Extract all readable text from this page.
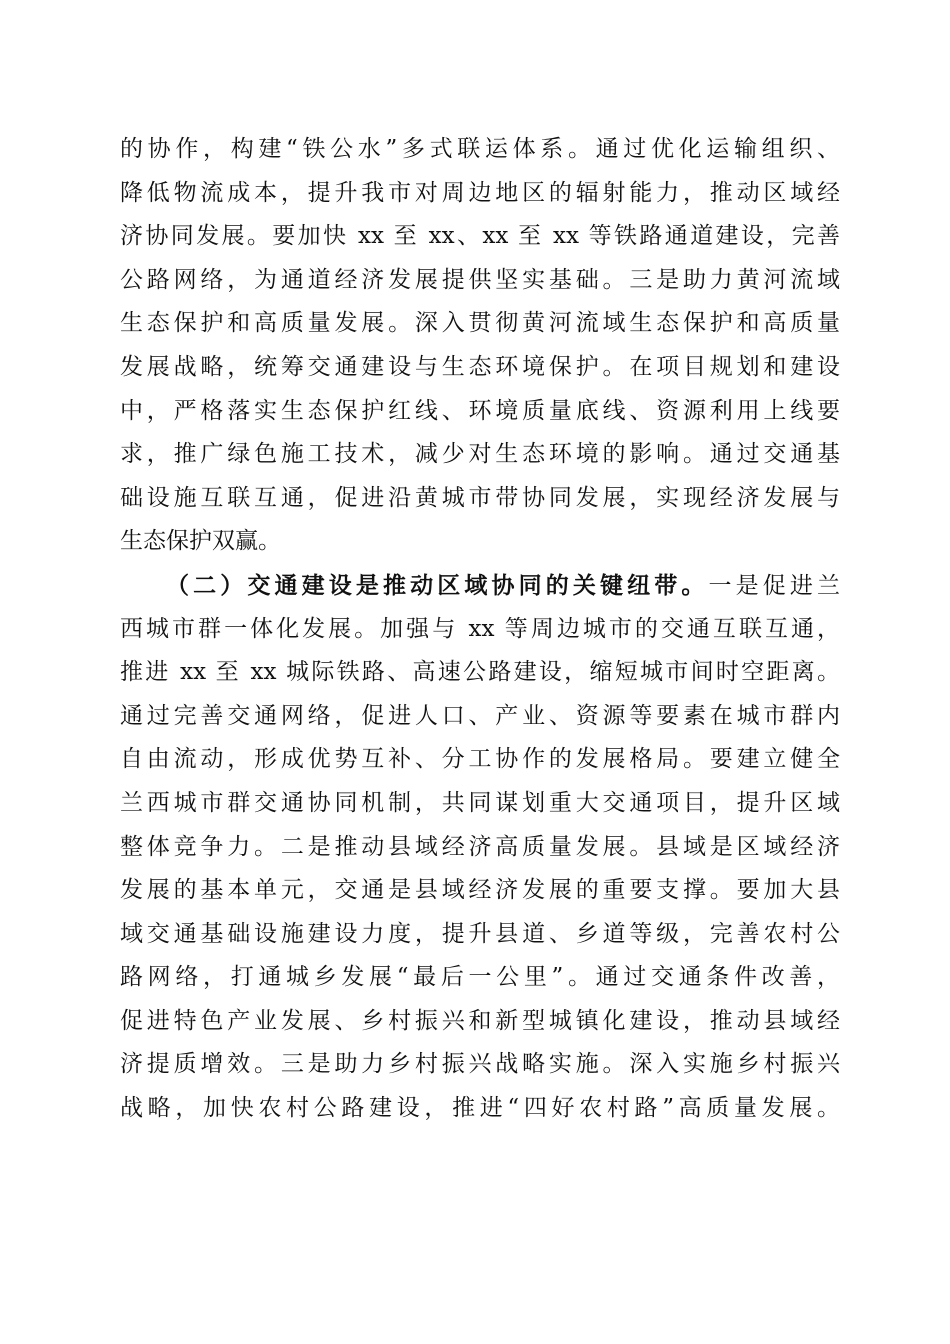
的协作，构建“铁公水”多式联运体系。通过优化运输组织、
降低物流成本，提升我市对周边地区的辐射能力，推动区域经
济协同发展。要加快 xx 至 xx、xx 至 xx 等铁路通道建设，完善
公路网络，为通道经济发展提供坚实基础。三是助力黄河流域
生态保护和高质量发展。深入贯彻黄河流域生态保护和高质量
发展战略，统筹交通建设与生态环境保护。在项目规划和建设
中，严格落实生态保护红线、环境质量底线、资源利用上线要
求，推广绿色施工技术，减少对生态环境的影响。通过交通基
础设施互联互通，促进沿黄城市带协同发展，实现经济发展与
生态保护双赢。
（二）交通建设是推动区域协同的关键纽带。一是促进兰
西城市群一体化发展。加强与 xx 等周边城市的交通互联互通，
推进 xx 至 xx 城际铁路、高速公路建设，缩短城市间时空距离。
通过完善交通网络，促进人口、产业、资源等要素在城市群内
自由流动，形成优势互补、分工协作的发展格局。要建立健全
兰西城市群交通协同机制，共同谋划重大交通项目，提升区域
整体竞争力。二是推动县域经济高质量发展。县域是区域经济
发展的基本单元，交通是县域经济发展的重要支撑。要加大县
域交通基础设施建设力度，提升县道、乡道等级，完善农村公
路网络，打通城乡发展“最后一公里”。通过交通条件改善，
促进特色产业发展、乡村振兴和新型城镇化建设，推动县域经
济提质增效。三是助力乡村振兴战略实施。深入实施乡村振兴
战略，加快农村公路建设，推进“四好农村路”高质量发展。
